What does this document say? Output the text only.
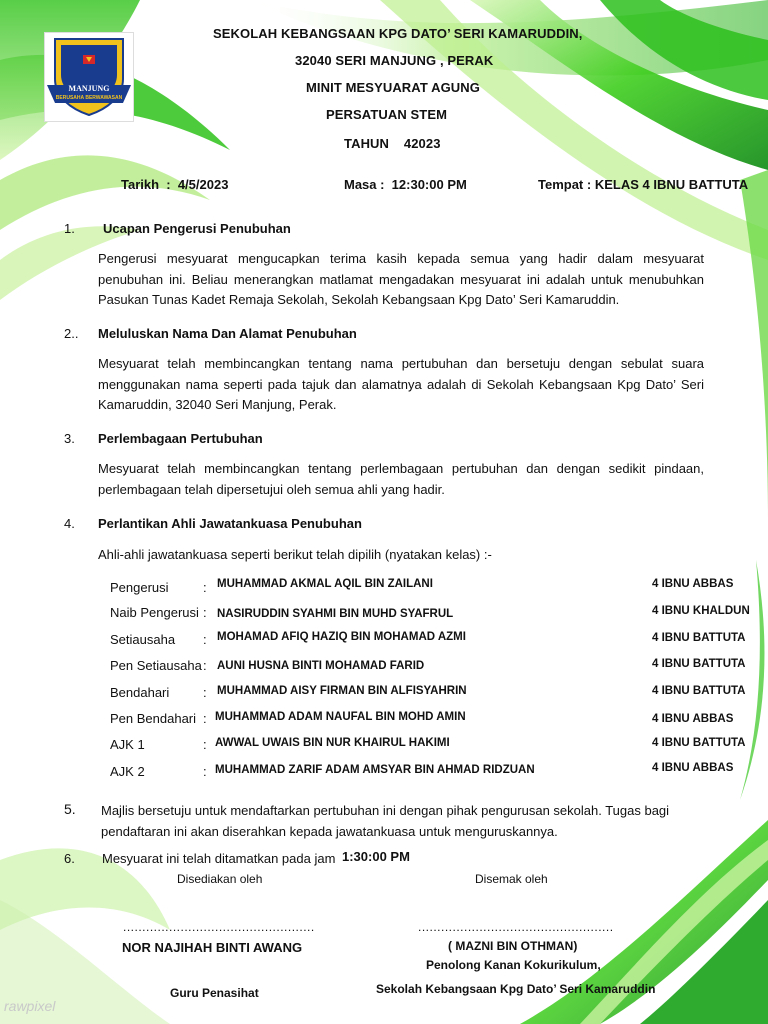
MANJUNG
BERUSAHA BERWAWASAN
SEKOLAH KEBANGSAAN KPG DATO’ SERI KAMARUDDIN,
32040 SERI MANJUNG , PERAK
MINIT MESYUARAT AGUNG
PERSATUAN STEM
TAHUN    42023
Tarikh  :  4/5/2023	Masa :  12:30:00 PM	Tempat : KELAS 4 IBNU BATTUTA
1. Ucapan Pengerusi Penubuhan
Pengerusi mesyuarat mengucapkan terima kasih kepada semua yang hadir dalam mesyuarat penubuhan ini. Beliau menerangkan matlamat mengadakan mesyuarat ini adalah untuk menubuhkan Pasukan Tunas Kadet Remaja Sekolah, Sekolah Kebangsaan Kpg Dato’ Seri Kamaruddin.
2.. Meluluskan Nama Dan Alamat Penubuhan
Mesyuarat telah membincangkan tentang nama pertubuhan dan bersetuju dengan sebulat suara menggunakan nama seperti pada tajuk dan alamatnya adalah di Sekolah Kebangsaan Kpg Dato’ Seri Kamaruddin, 32040 Seri Manjung, Perak.
3. Perlembagaan Pertubuhan
Mesyuarat telah membincangkan tentang perlembagaan pertubuhan dan dengan sedikit pindaan, perlembagaan telah dipersetujui oleh semua ahli yang hadir.
4. Perlantikan Ahli Jawatankuasa Penubuhan
Ahli-ahli jawatankuasa seperti berikut telah dipilih (nyatakan kelas) :-
Pengerusi	: MUHAMMAD AKMAL AQIL BIN ZAILANI	4 IBNU ABBAS
Naib Pengerusi : NASIRUDDIN SYAHMI BIN MUHD SYAFRUL	4 IBNU KHALDUN
Setiausaha : MOHAMAD AFIQ HAZIQ BIN MOHAMAD AZMI	4 IBNU BATTUTA
Pen Setiausaha : AUNI HUSNA BINTI MOHAMAD FARID	4 IBNU BATTUTA
Bendahari	: MUHAMMAD AISY FIRMAN BIN ALFISYAHRIN	4 IBNU BATTUTA
Pen Bendahari : MUHAMMAD ADAM NAUFAL BIN MOHD AMIN	4 IBNU ABBAS
AJK 1	: AWWAL UWAIS BIN NUR KHAIRUL HAKIMI	4 IBNU BATTUTA
AJK 2	: MUHAMMAD ZARIF ADAM AMSYAR BIN AHMAD RIDZUAN	4 IBNU ABBAS
5. Majlis bersetuju untuk mendaftarkan pertubuhan ini dengan pihak pengurusan sekolah. Tugas bagi pendaftaran ini akan diserahkan kepada jawatankuasa untuk menguruskannya.
6. Mesyuarat ini telah ditamatkan pada jam 1:30:00 PM
Disediakan oleh	Disemak oleh
..................................................	...................................................
NOR NAJIHAH BINTI AWANG	( MAZNI BIN OTHMAN)
Penolong Kanan Kokurikulum,
Guru Penasihat	Sekolah Kebangsaan Kpg Dato’ Seri Kamaruddin
rawpixel
